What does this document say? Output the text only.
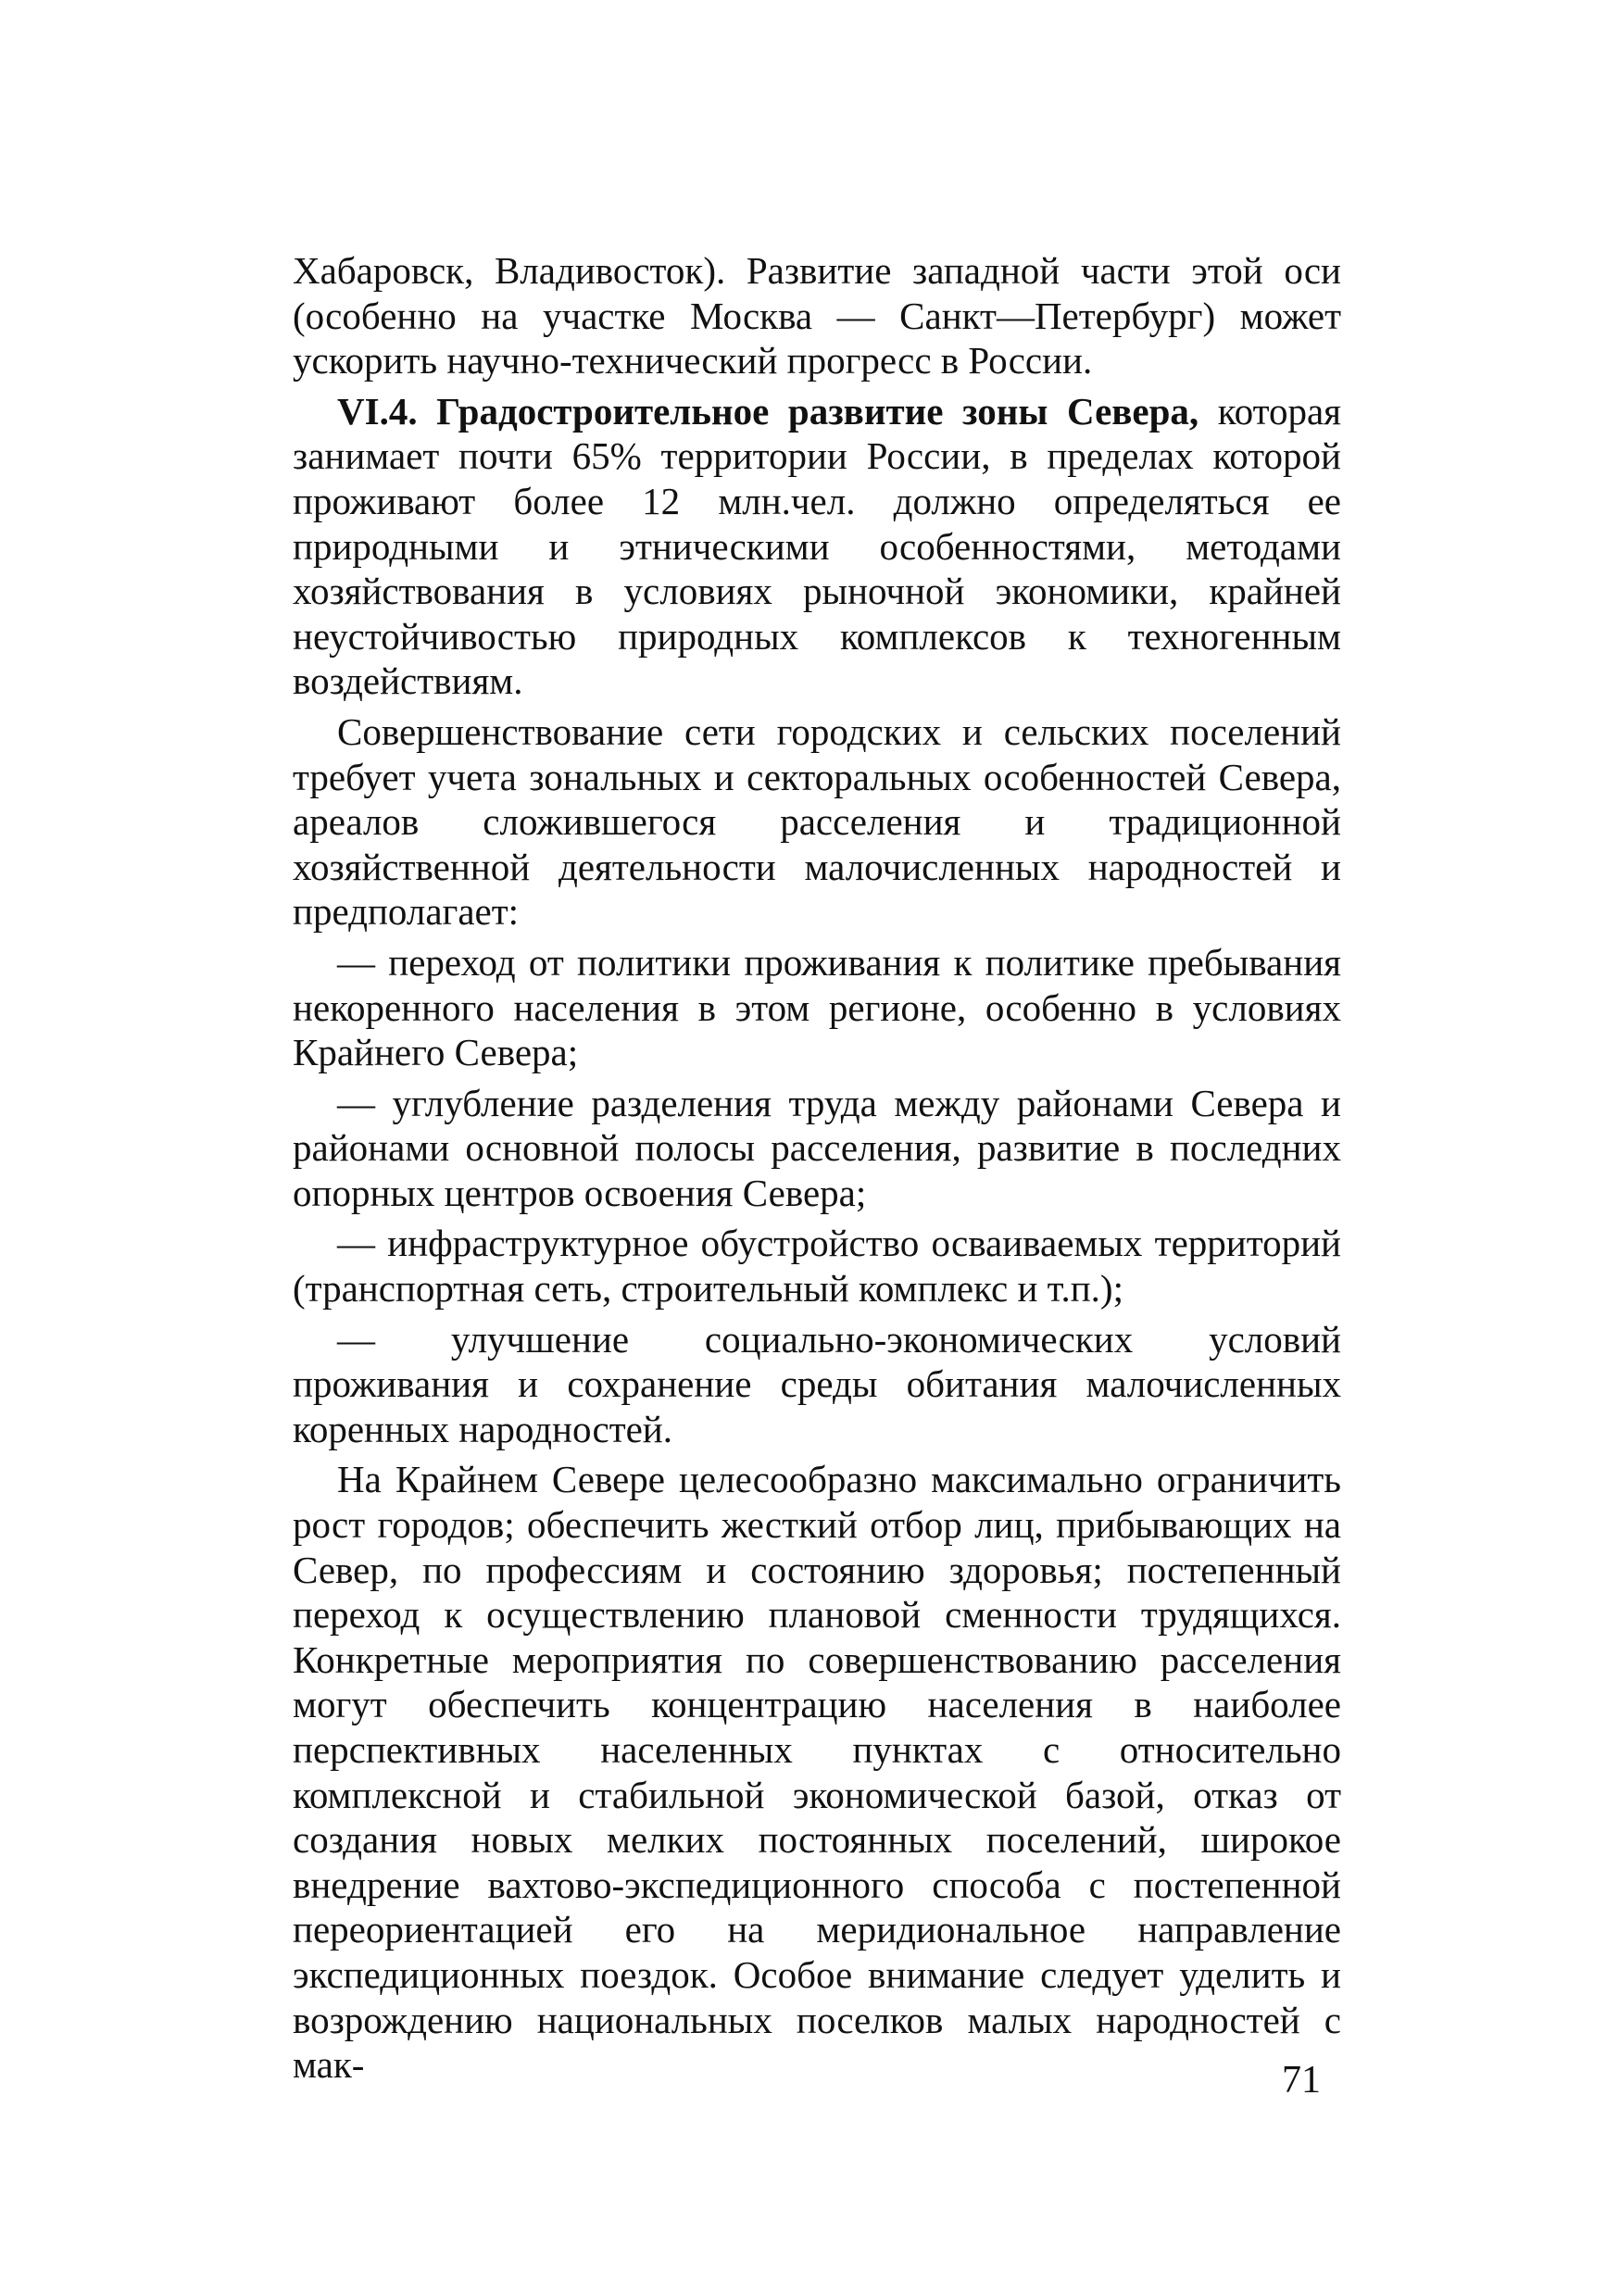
Хабаровск, Владивосток). Развитие западной части этой оси (особенно на участке Москва — Санкт—Петербург) может ускорить научно-технический прогресс в России.

VI.4. Градостроительное развитие зоны Севера, которая занимает почти 65% территории России, в пределах которой проживают более 12 млн.чел. должно определяться ее природными и этническими особенностями, методами хозяйствования в условиях рыночной экономики, крайней неустойчивостью природных комплексов к техногенным воздействиям.

Совершенствование сети городских и сельских поселений требует учета зональных и секторальных особенностей Севера, ареалов сложившегося расселения и традиционной хозяйственной деятельности малочисленных народностей и предполагает:

— переход от политики проживания к политике пребывания некоренного населения в этом регионе, особенно в условиях Крайнего Севера;

— углубление разделения труда между районами Севера и районами основной полосы расселения, развитие в последних опорных центров освоения Севера;

— инфраструктурное обустройство осваиваемых территорий (транспортная сеть, строительный комплекс и т.п.);

— улучшение социально-экономических условий проживания и сохранение среды обитания малочисленных коренных народностей.

На Крайнем Севере целесообразно максимально ограничить рост городов; обеспечить жесткий отбор лиц, прибывающих на Север, по профессиям и состоянию здоровья; постепенный переход к осуществлению плановой сменности трудящихся. Конкретные мероприятия по совершенствованию расселения могут обеспечить концентрацию населения в наиболее перспективных населенных пунктах с относительно комплексной и стабильной экономической базой, отказ от создания новых мелких постоянных поселений, широкое внедрение вахтово-экспедиционного способа с постепенной переориентацией его на меридиональное направление экспедиционных поездок. Особое внимание следует уделить и возрождению национальных поселков малых народностей с мак-	71
